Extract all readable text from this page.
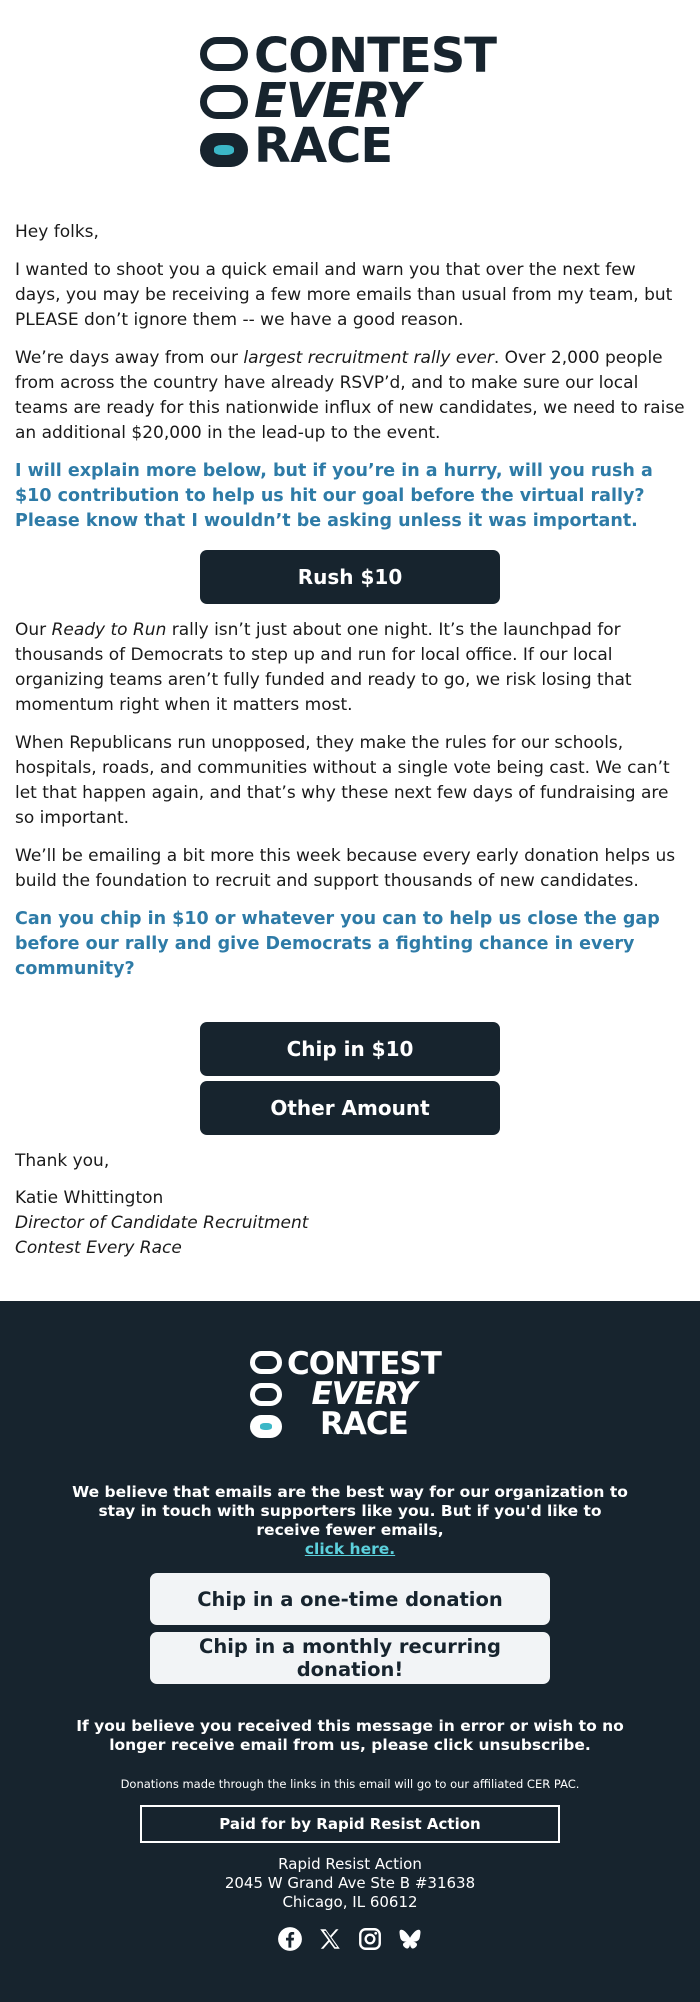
CONTEST
EVERY
RACE

Hey folks,

I wanted to shoot you a quick email and warn you that over the next few days, you may be receiving a few more emails than usual from my team, but PLEASE don’t ignore them -- we have a good reason.

We’re days away from our largest recruitment rally ever. Over 2,000 people from across the country have already RSVP’d, and to make sure our local teams are ready for this nationwide influx of new candidates, we need to raise an additional $20,000 in the lead-up to the event.

I will explain more below, but if you’re in a hurry, will you rush a $10 contribution to help us hit our goal before the virtual rally? Please know that I wouldn’t be asking unless it was important.

Rush $10

Our Ready to Run rally isn’t just about one night. It’s the launchpad for thousands of Democrats to step up and run for local office. If our local organizing teams aren’t fully funded and ready to go, we risk losing that momentum right when it matters most.

When Republicans run unopposed, they make the rules for our schools, hospitals, roads, and communities without a single vote being cast. We can’t let that happen again, and that’s why these next few days of fundraising are so important.

We’ll be emailing a bit more this week because every early donation helps us build the foundation to recruit and support thousands of new candidates.

Can you chip in $10 or whatever you can to help us close the gap before our rally and give Democrats a fighting chance in every community?

Chip in $10
Other Amount

Thank you,

Katie Whittington

Director of Candidate Recruitment

Contest Every Race

CONTEST
EVERY
RACE
We believe that emails are the best way for our organization to stay in touch with supporters like you. But if you'd like to receive fewer emails,
click here.
Chip in a one-time donation
Chip in a monthly recurring donation!
If you believe you received this message in error or wish to no longer receive email from us, please click unsubscribe.
Donations made through the links in this email will go to our affiliated CER PAC.
Paid for by Rapid Resist Action
Rapid Resist Action
2045 W Grand Ave Ste B #31638
Chicago, IL 60612
